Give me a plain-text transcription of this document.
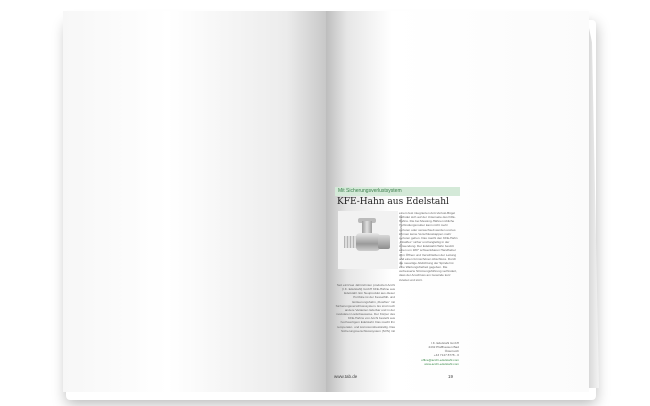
Mit Sicherungsverlustsystem
KFE-Hahn aus Edelstahl
Foto: Acchi Edelstahl / Ihr Edelstahl-Lieferant
Seit ein/zwei Jahrzehnten produziert Acchi (I.K. Edelstahl) GmbH KFE-Hähne aus Edelstahl. Ein Neuprodukt aus dieser Portfolie ist der Kesselfüll- und Entleerungshahn „Flowflex“ mit Sicherungsverschlusssystem. Es sind noch andere Varianten lieferbar und in der modularen Lieferbauweise. Der Körper des KFE-Hahns von Acchi besteht aus hochwertigem Edelstahl. Das macht ihn temperatur- und korrosionsbeständig. Das Sicherungsverschlusssystem (SVS) mit
einem fest integrierten Anti-Verlust-Bügel befindet sich auf der Unterseite des KFE-Hahns. Die bei Messing-Hähnen übliche Verbindungsmutter kann nicht mehr verloren oder verwechselt werden und es können keine Verschlusskappen mehr verloren gehen. Das macht den KFE-Hahn „Flowflex“ sicher und langlebig in der Anwendung. Der Edelstahl-Hahn besitzt einen um 180° schwenkbaren Handhebel zum Öffnen und Verschließen der Leitung und einen formschönen Abschluss. Durch die neuartige Abdichtung der Spindel ist eine Wartungsfreiheit gegeben. Die verbesserte Strömungsführung verhindert, dass der Anschluss am Gewinde kurz zuleitet und stört.
I.K. Edelstahl GmbH
4432 Pfaffhausen Bad
Österreich
+43 7147 8778 - 0
office@acchi-edelstahl.com
www.acchi-edelstahl.com
www.tab.de	19
